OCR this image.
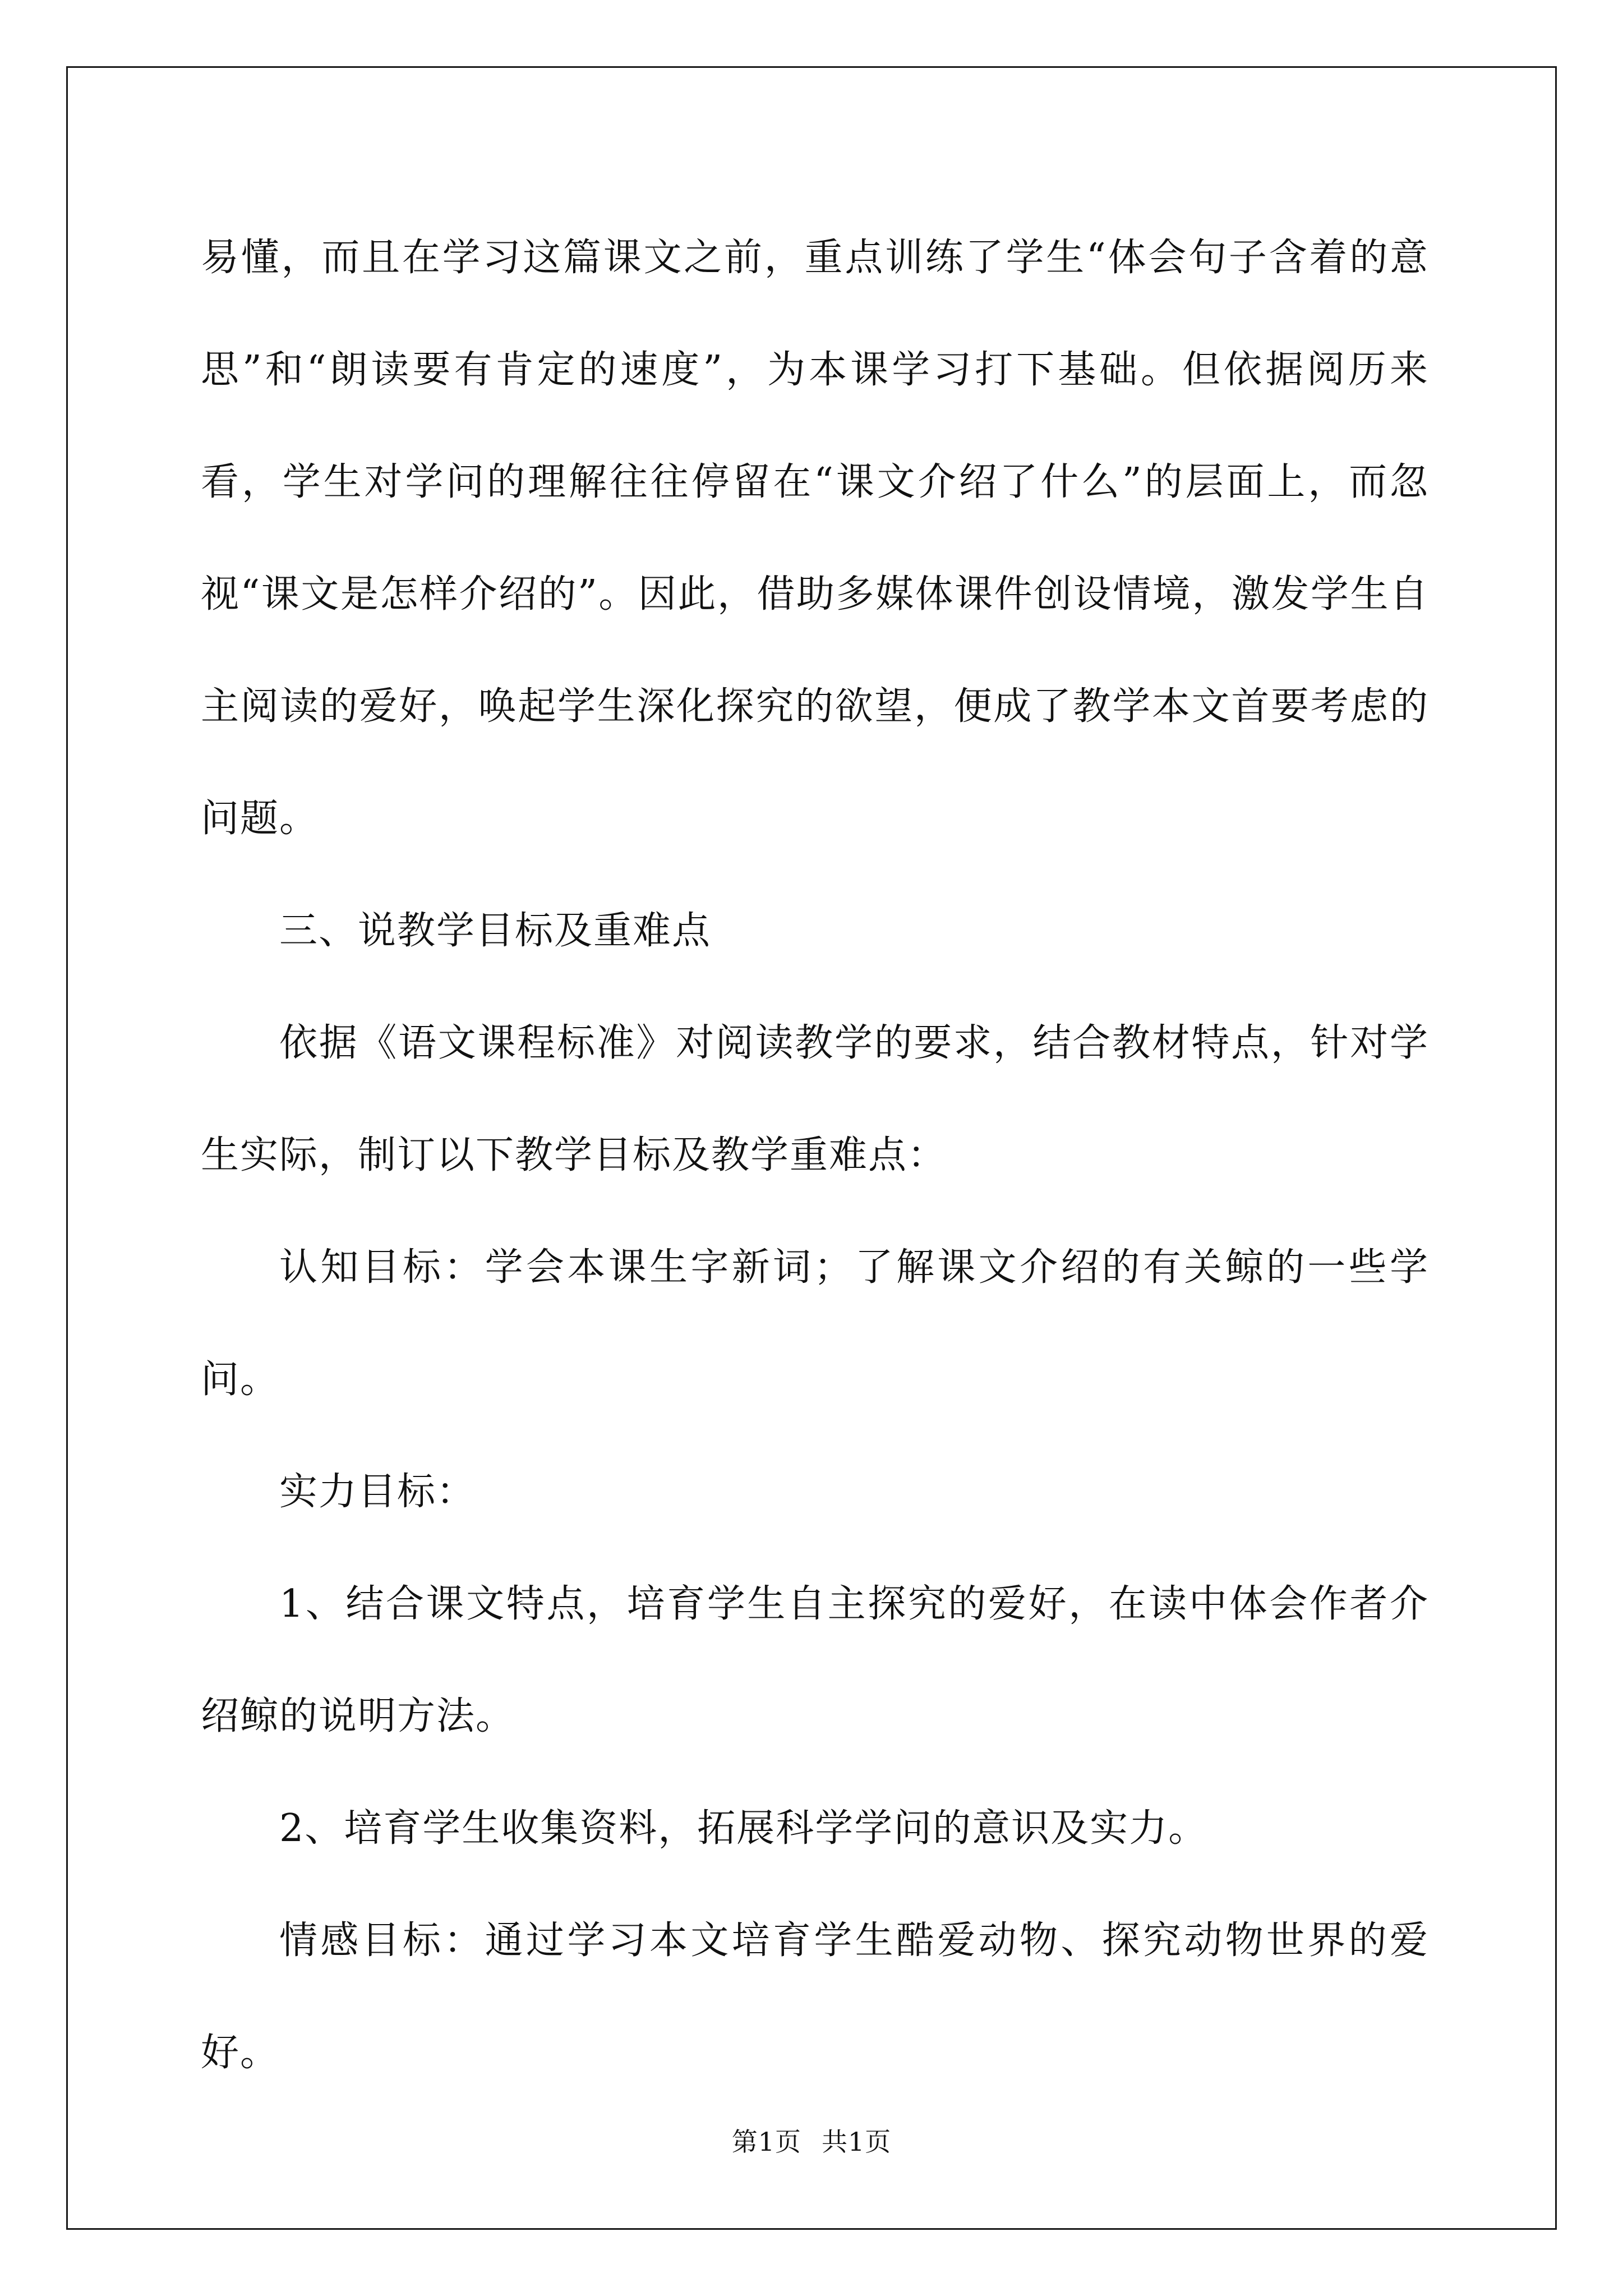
易懂，而且在学习这篇课文之前，重点训练了学生“体会句子含着的意思”和“朗读要有肯定的速度”，为本课学习打下基础。但依据阅历来看，学生对学问的理解往往停留在“课文介绍了什么”的层面上，而忽视“课文是怎样介绍的”。因此，借助多媒体课件创设情境，激发学生自主阅读的爱好，唤起学生深化探究的欲望，便成了教学本文首要考虑的问题。

三、说教学目标及重难点

依据《语文课程标准》对阅读教学的要求，结合教材特点，针对学生实际，制订以下教学目标及教学重难点：

认知目标：学会本课生字新词；了解课文介绍的有关鲸的一些学问。

实力目标：

1、结合课文特点，培育学生自主探究的爱好，在读中体会作者介绍鲸的说明方法。

2、培育学生收集资料，拓展科学学问的意识及实力。

情感目标：通过学习本文培育学生酷爱动物、探究动物世界的爱好。

第1页 共1页
